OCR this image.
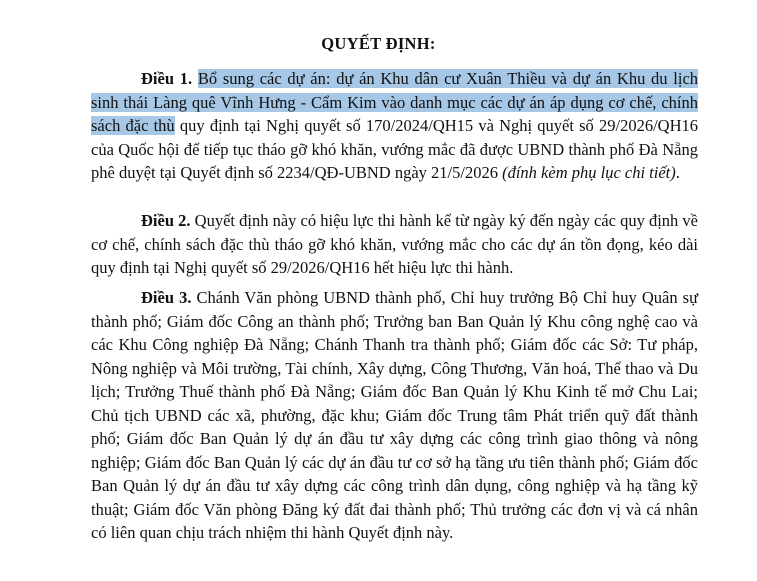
QUYẾT ĐỊNH:

Điều 1. Bổ sung các dự án: dự án Khu dân cư Xuân Thiều và dự án Khu du lịch sinh thái Làng quê Vĩnh Hưng - Cẩm Kim vào danh mục các dự án áp dụng cơ chế, chính sách đặc thù quy định tại Nghị quyết số 170/2024/QH15 và Nghị quyết số 29/2026/QH16 của Quốc hội để tiếp tục tháo gỡ khó khăn, vướng mắc đã được UBND thành phố Đà Nẵng phê duyệt tại Quyết định số 2234/QĐ-UBND ngày 21/5/2026 (đính kèm phụ lục chi tiết).

Điều 2. Quyết định này có hiệu lực thi hành kể từ ngày ký đến ngày các quy định về cơ chế, chính sách đặc thù tháo gỡ khó khăn, vướng mắc cho các dự án tồn đọng, kéo dài quy định tại Nghị quyết số 29/2026/QH16 hết hiệu lực thi hành.

Điều 3. Chánh Văn phòng UBND thành phố, Chỉ huy trưởng Bộ Chỉ huy Quân sự thành phố; Giám đốc Công an thành phố; Trưởng ban Ban Quản lý Khu công nghệ cao và các Khu Công nghiệp Đà Nẵng; Chánh Thanh tra thành phố; Giám đốc các Sở: Tư pháp, Nông nghiệp và Môi trường, Tài chính, Xây dựng, Công Thương, Văn hoá, Thể thao và Du lịch; Trưởng Thuế thành phố Đà Nẵng; Giám đốc Ban Quản lý Khu Kinh tế mở Chu Lai; Chủ tịch UBND các xã, phường, đặc khu; Giám đốc Trung tâm Phát triển quỹ đất thành phố; Giám đốc Ban Quản lý dự án đầu tư xây dựng các công trình giao thông và nông nghiệp; Giám đốc Ban Quản lý các dự án đầu tư cơ sở hạ tầng ưu tiên thành phố; Giám đốc Ban Quản lý dự án đầu tư xây dựng các công trình dân dụng, công nghiệp và hạ tầng kỹ thuật; Giám đốc Văn phòng Đăng ký đất đai thành phố; Thủ trưởng các đơn vị và cá nhân có liên quan chịu trách nhiệm thi hành Quyết định này.
